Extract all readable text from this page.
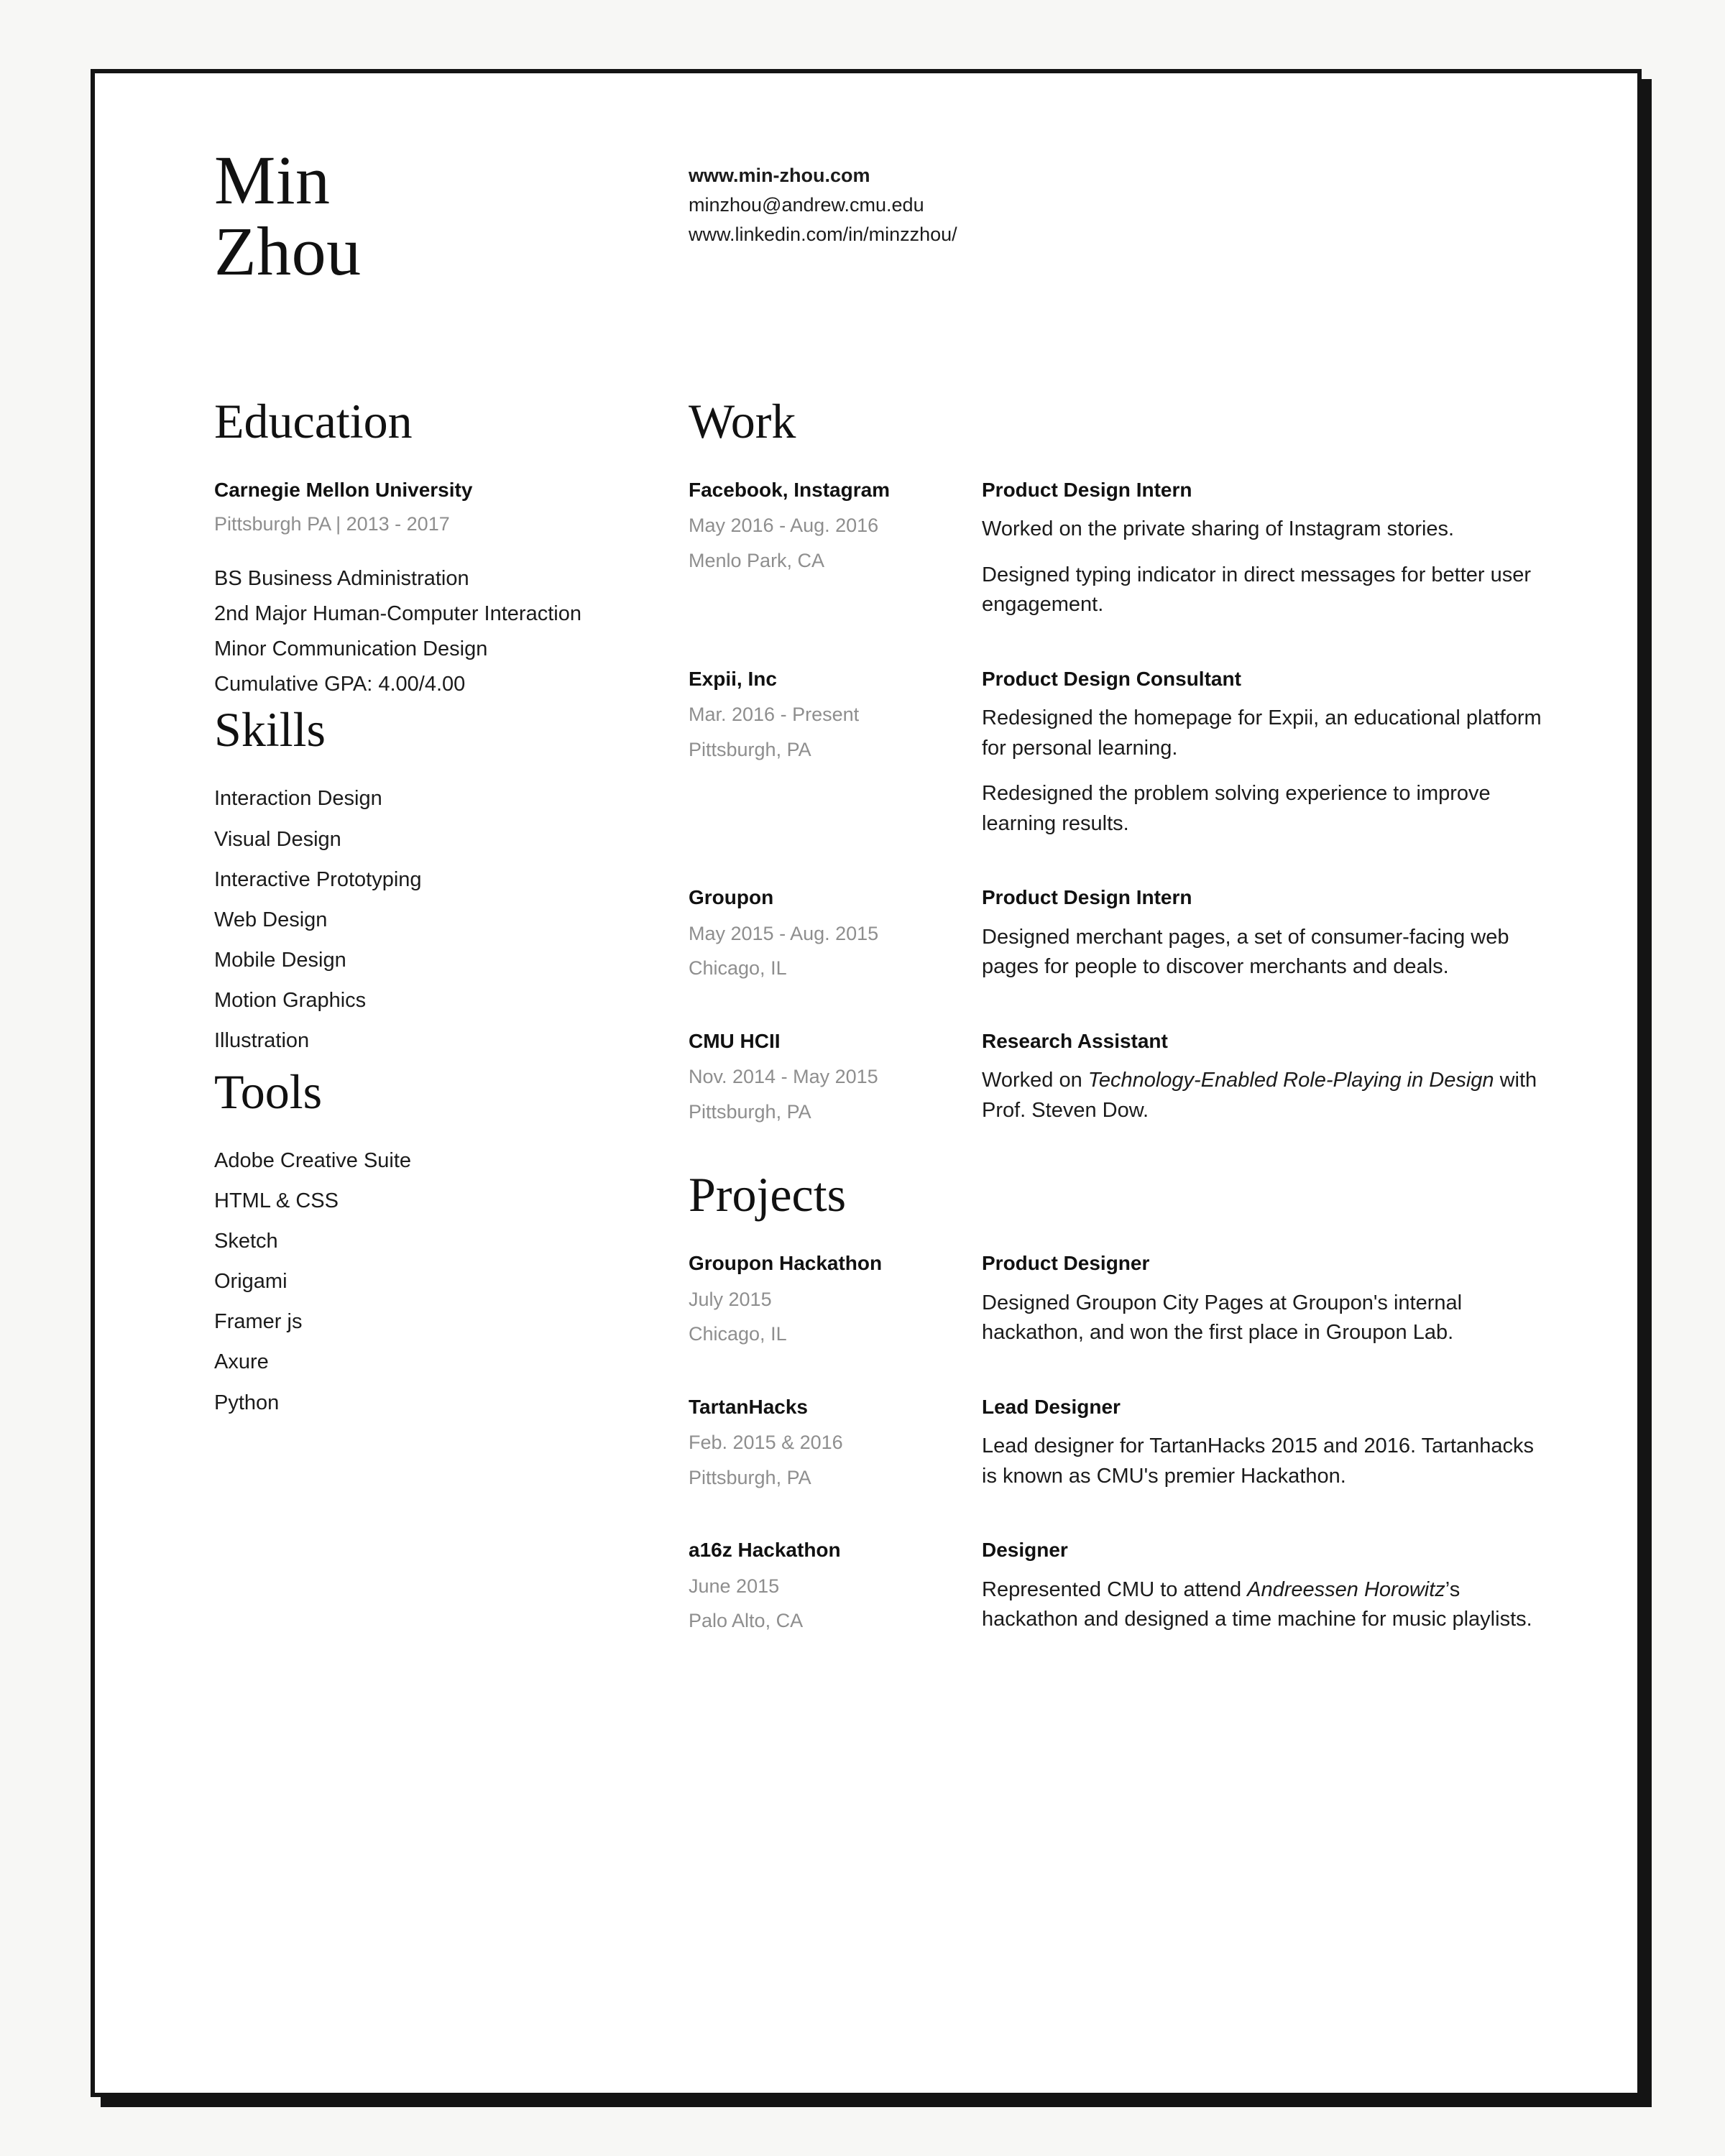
Min
Zhou
www.min-zhou.com
minzhou@andrew.cmu.edu
www.linkedin.com/in/minzzhou/
Education
Carnegie Mellon University
Pittsburgh PA | 2013 - 2017
BS Business Administration
2nd Major Human-Computer Interaction
Minor Communication Design
Cumulative GPA: 4.00/4.00
Skills
Interaction Design
Visual Design
Interactive Prototyping
Web Design
Mobile Design
Motion Graphics
Illustration
Tools
Adobe Creative Suite
HTML & CSS
Sketch
Origami
Framer js
Axure
Python
Work
Facebook, Instagram
May 2016 - Aug. 2016
Menlo Park, CA
Product Design Intern
Worked on the private sharing of Instagram stories.
Designed typing indicator in direct messages for better user engagement.
Expii, Inc
Mar. 2016 - Present
Pittsburgh, PA
Product Design Consultant
Redesigned the homepage for Expii, an educational platform for personal learning.
Redesigned the problem solving experience to improve learning results.
Groupon
May 2015 - Aug. 2015
Chicago, IL
Product Design Intern
Designed merchant pages, a set of consumer-facing web pages for people to discover merchants and deals.
CMU HCII
Nov. 2014 - May 2015
Pittsburgh, PA
Research Assistant
Worked on Technology-Enabled Role-Playing in Design with Prof. Steven Dow.
Projects
Groupon Hackathon
July 2015
Chicago, IL
Product Designer
Designed Groupon City Pages at Groupon's internal hackathon, and won the first place in Groupon Lab.
TartanHacks
Feb. 2015 & 2016
Pittsburgh, PA
Lead Designer
Lead designer for TartanHacks 2015 and 2016. Tartanhacks is known as CMU's premier Hackathon.
a16z Hackathon
June 2015
Palo Alto, CA
Designer
Represented CMU to attend Andreessen Horowitz’s hackathon and designed a time machine for music playlists.
